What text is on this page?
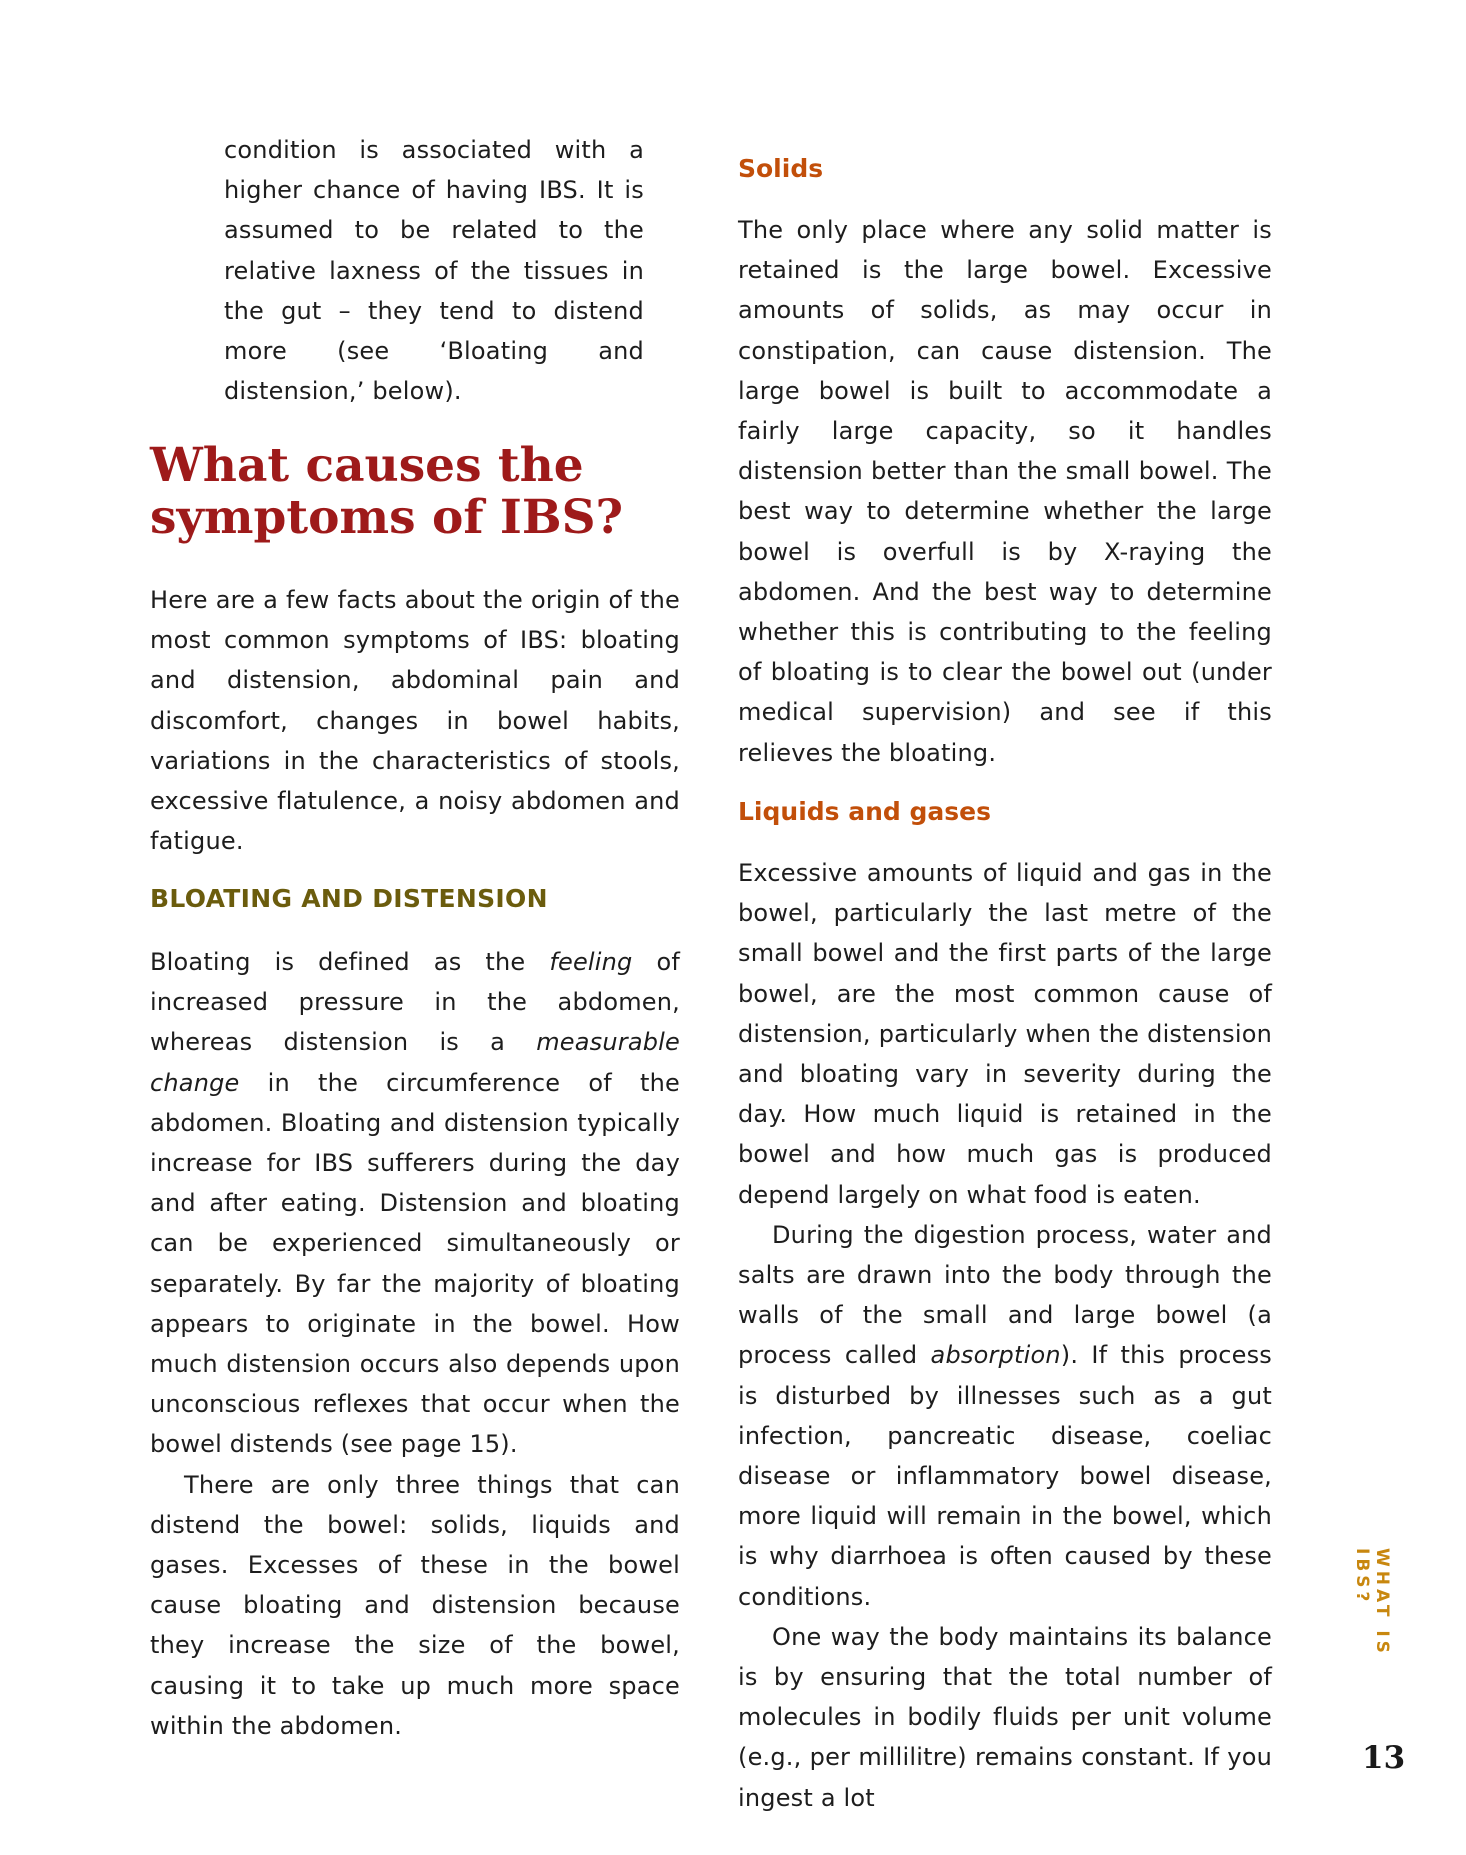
condition is associated with a higher chance of having IBS. It is assumed to be related to the relative laxness of the tissues in the gut – they tend to distend more (see ‘Bloating and distension,’ below).

What causes the symptoms of IBS?

Here are a few facts about the origin of the most common symptoms of IBS: bloating and distension, abdominal pain and discomfort, changes in bowel habits, variations in the characteristics of stools, excessive flatulence, a noisy abdomen and fatigue.

BLOATING AND DISTENSION

Bloating is defined as the feeling of increased pressure in the abdomen, whereas distension is a measurable change in the circumference of the abdomen. Bloating and distension typically increase for IBS sufferers during the day and after eating. Distension and bloating can be experienced simultaneously or separately. By far the majority of bloating appears to originate in the bowel. How much distension occurs also depends upon unconscious reflexes that occur when the bowel distends (see page 15).

There are only three things that can distend the bowel: solids, liquids and gases. Excesses of these in the bowel cause bloating and distension because they increase the size of the bowel, causing it to take up much more space within the abdomen.

Solids

The only place where any solid matter is retained is the large bowel. Excessive amounts of solids, as may occur in constipation, can cause distension. The large bowel is built to accommodate a fairly large capacity, so it handles distension better than the small bowel. The best way to determine whether the large bowel is overfull is by X-raying the abdomen. And the best way to determine whether this is contributing to the feeling of bloating is to clear the bowel out (under medical supervision) and see if this relieves the bloating.

Liquids and gases

Excessive amounts of liquid and gas in the bowel, particularly the last metre of the small bowel and the first parts of the large bowel, are the most common cause of distension, particularly when the distension and bloating vary in severity during the day. How much liquid is retained in the bowel and how much gas is produced depend largely on what food is eaten.

During the digestion process, water and salts are drawn into the body through the walls of the small and large bowel (a process called absorption). If this process is disturbed by illnesses such as a gut infection, pancreatic disease, coeliac disease or inflammatory bowel disease, more liquid will remain in the bowel, which is why diarrhoea is often caused by these conditions.

One way the body maintains its balance is by ensuring that the total number of molecules in bodily fluids per unit volume (e.g., per millilitre) remains constant. If you ingest a lot

WHAT IS IBS?
13
